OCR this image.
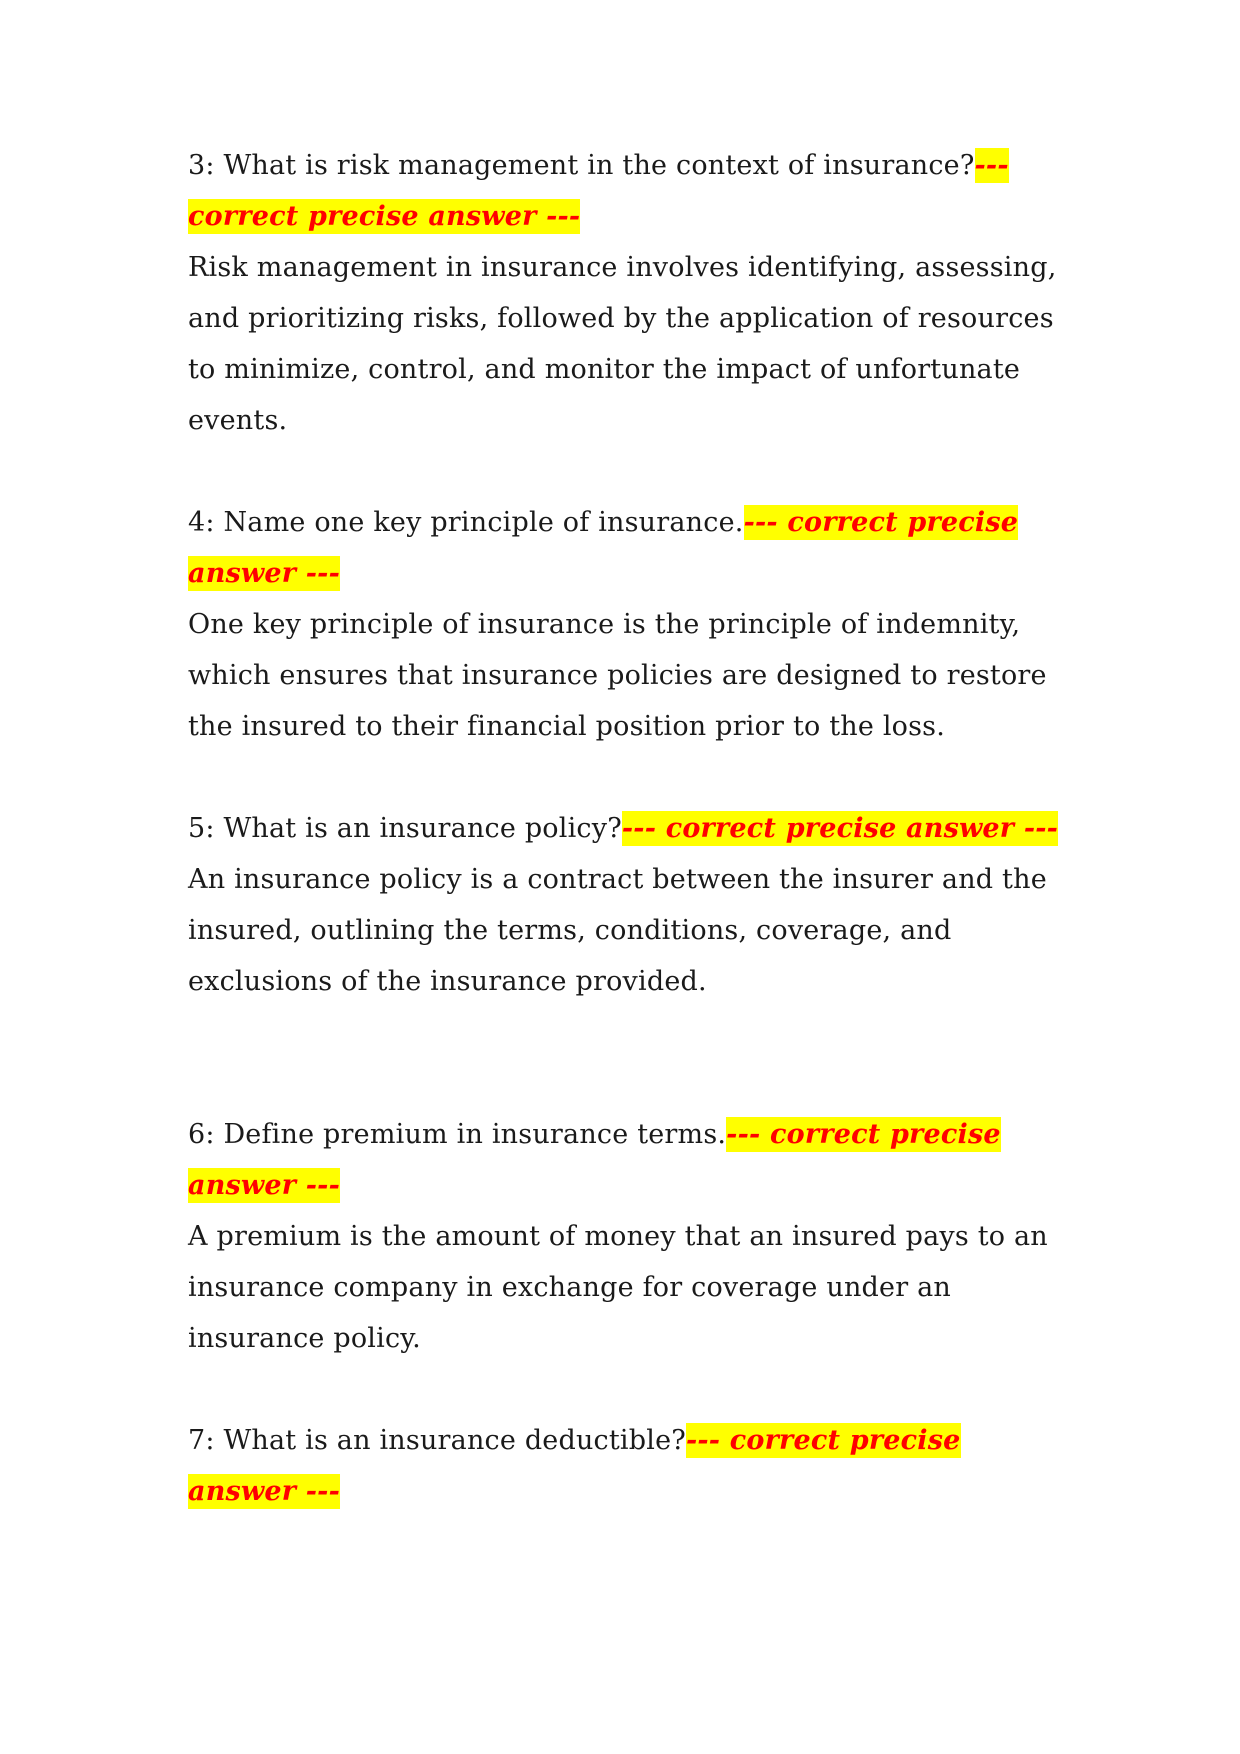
3: What is risk management in the context of insurance?--- correct precise answer ---

Risk management in insurance involves identifying, assessing, and prioritizing risks, followed by the application of resources to minimize, control, and monitor the impact of unfortunate events.

4: Name one key principle of insurance.--- correct precise answer ---

One key principle of insurance is the principle of indemnity, which ensures that insurance policies are designed to restore the insured to their financial position prior to the loss.

5: What is an insurance policy?--- correct precise answer ---

An insurance policy is a contract between the insurer and the insured, outlining the terms, conditions, coverage, and exclusions of the insurance provided.

6: Define premium in insurance terms.--- correct precise answer ---

A premium is the amount of money that an insured pays to an insurance company in exchange for coverage under an insurance policy.

7: What is an insurance deductible?--- correct precise answer ---
